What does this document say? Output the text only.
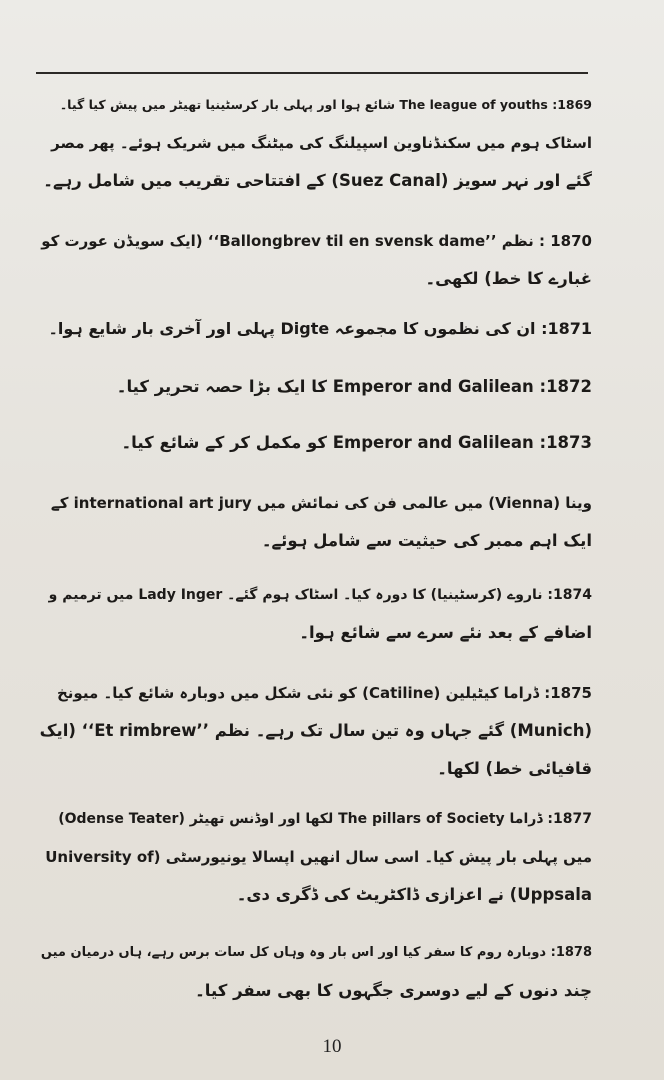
1869: The league of youths شائع ہوا اور پہلی بار کرسٹینیا تھیٹر میں پیش کیا گیا۔

اسٹاک ہوم میں سکنڈناوین اسپیلنگ کی میٹنگ میں شریک ہوئے۔ پھر مصر

گئے اور نہر سویز (Suez Canal) کے افتتاحی تقریب میں شامل رہے۔

1870 : نظم ’’Ballongbrev til en svensk dame‘‘ (ایک سویڈن عورت کو

غبارے کا خط) لکھی۔

1871: ان کی نظموں کا مجموعہ Digte پہلی اور آخری بار شایع ہوا۔

1872: Emperor and Galilean کا ایک بڑا حصہ تحریر کیا۔

1873: Emperor and Galilean کو مکمل کر کے شائع کیا۔

وینا (Vienna) میں عالمی فن کی نمائش میں international art jury کے

ایک اہم ممبر کی حیثیت سے شامل ہوئے۔

1874: ناروے (کرسٹینیا) کا دورہ کیا۔ اسٹاک ہوم گئے۔ Lady Inger میں ترمیم و

اضافے کے بعد نئے سرے سے شائع ہوا۔

1875: ڈراما کیٹیلین (Catiline) کو نئی شکل میں دوبارہ شائع کیا۔ میونخ

(Munich) گئے جہاں وہ تین سال تک رہے۔ نظم ’’Et rimbrew‘‘ (ایک

قافیائی خط) لکھا۔

1877: ڈراما The pillars of Society لکھا اور اوڈنس تھیٹر (Odense Teater)

میں پہلی بار پیش کیا۔ اسی سال انھیں اپسالا یونیورسٹی (University of

Uppsala) نے اعزازی ڈاکٹریٹ کی ڈگری دی۔

1878: دوبارہ روم کا سفر کیا اور اس بار وہ وہاں کل سات برس رہے، ہاں درمیان میں

چند دنوں کے لیے دوسری جگہوں کا بھی سفر کیا۔

10
